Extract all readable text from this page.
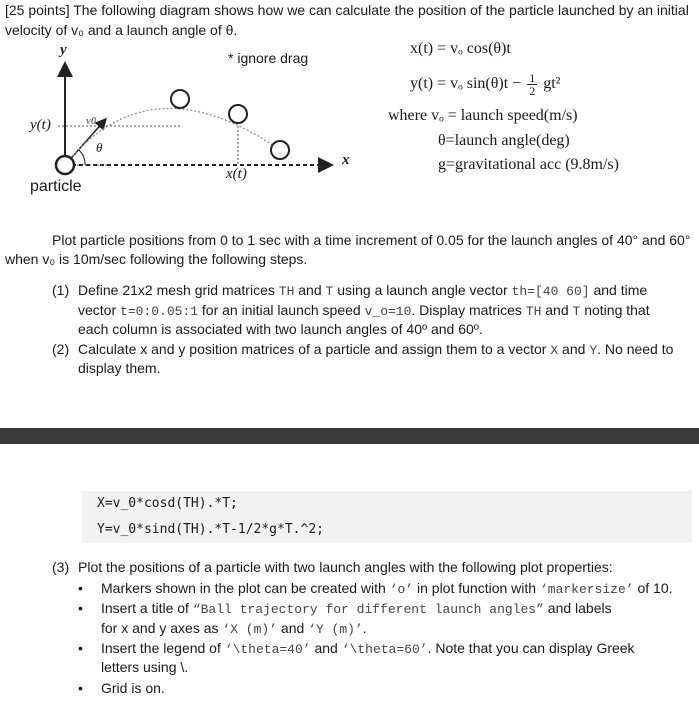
[25 points] The following diagram shows how we can calculate the position of the particle launched by an initial
velocity of v₀ and a launch angle of θ.
y
x
y(t)
x(t)
v0
θ
particle
* ignore drag
x(t) = vₒ cos(θ)t
y(t) = vₒ $\sin(\theta)t - \frac{1}{2} gt^2$
where vₒ = launch speed(m/s)
θ=launch angle(deg)
g=gravitational acc (9.8m/s)
Plot particle positions from 0 to 1 sec with a time increment of 0.05 for the launch angles of 40° and 60°
when v₀ is 10m/sec following the following steps.
(1) Define 21x2 mesh grid matrices TH and T using a launch angle vector th=[40 60] and time
vector t=0:0.05:1 for an initial launch speed v_o=10. Display matrices TH and T noting that
each column is associated with two launch angles of 40º and 60º.
(2) Calculate x and y position matrices of a particle and assign them to a vector X and Y. No need to
display them.
X=v_0*cosd(TH).*T;
Y=v_0*sind(TH).*T-1/2*g*T.^2;
(3) Plot the positions of a particle with two launch angles with the following plot properties:
• Markers shown in the plot can be created with ‘o’ in plot function with ‘markersize’ of 10.
• Insert a title of “Ball trajectory for different launch angles” and labels
for x and y axes as ‘X (m)’ and ‘Y (m)’.
• Insert the legend of ‘\theta=40’ and ‘\theta=60’. Note that you can display Greek
letters using \.
• Grid is on.
